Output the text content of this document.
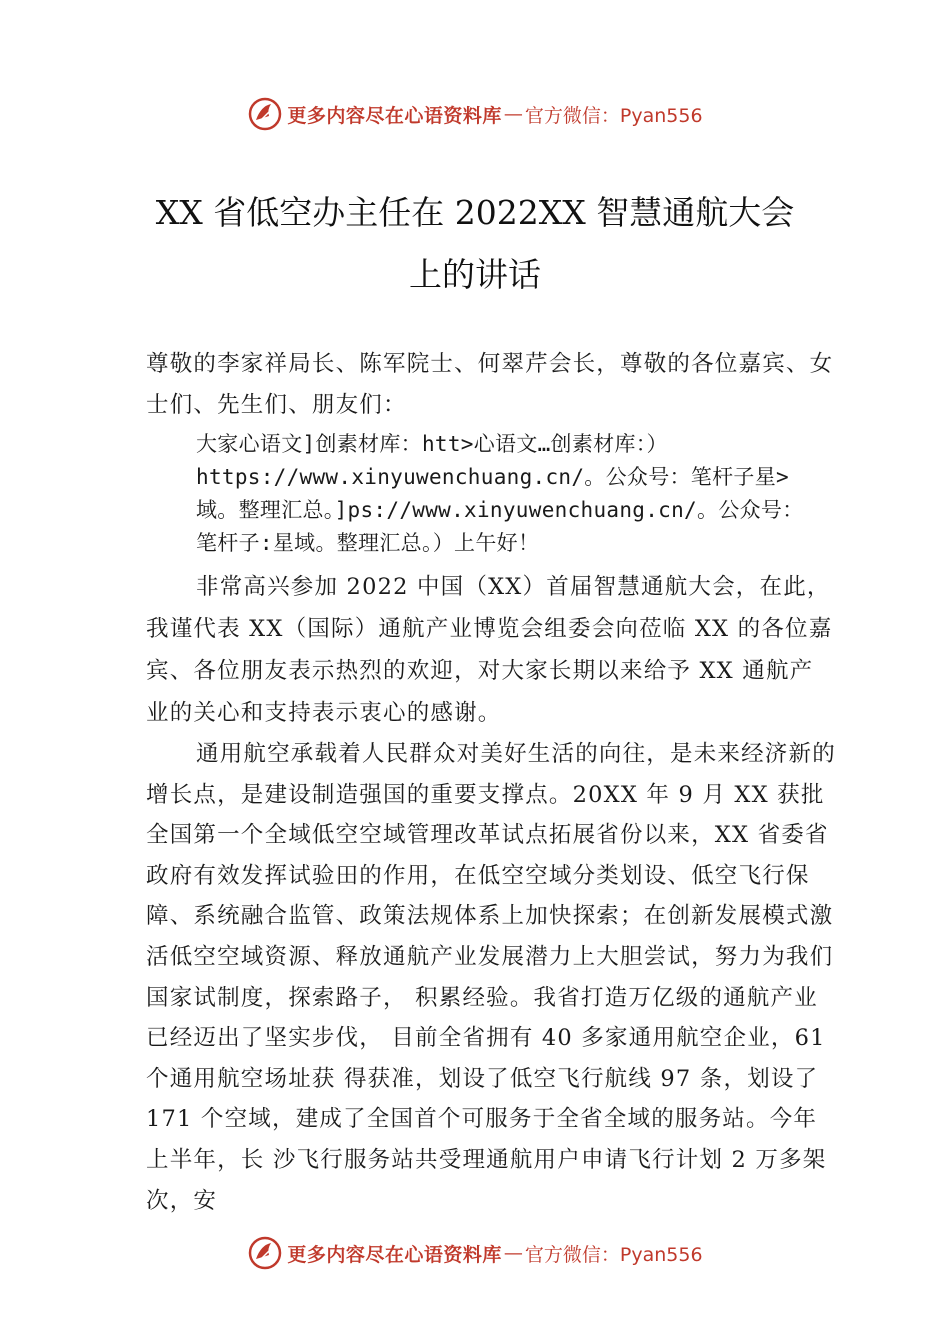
更多内容尽在心语资料库 — 官方微信：Pyan556
XX 省低空办主任在 2022XX 智慧通航大会
上的讲话

尊敬的李家祥局长、陈军院士、何翠芹会长，尊敬的各位嘉宾、女士们、先生们、朋友们：

大家心语文]创素材库：htt>心语文…创素材库：）
https://www.xinyuwenchuang.cn/。公众号：笔杆子星>
域。整理汇总。]ps://www.xinyuwenchuang.cn/。公众号：
笔杆子:星域。整理汇总。）上午好！

非常高兴参加 2022 中国（XX）首届智慧通航大会，在此，我谨代表 XX（国际）通航产业博览会组委会向莅临 XX 的各位嘉宾、各位朋友表示热烈的欢迎，对大家长期以来给予 XX 通航产业的关心和支持表示衷心的感谢。

通用航空承载着人民群众对美好生活的向往，是未来经济新的增长点，是建设制造强国的重要支撑点。20XX 年 9 月 XX 获批全国第一个全域低空空域管理改革试点拓展省份以来，XX 省委省政府有效发挥试验田的作用，在低空空域分类划设、低空飞行保障、系统融合监管、政策法规体系上加快探索；在创新发展模式激活低空空域资源、释放通航产业发展潜力上大胆尝试，努力为我们国家试制度，探索路子， 积累经验。我省打造万亿级的通航产业已经迈出了坚实步伐， 目前全省拥有 40 多家通用航空企业，61 个通用航空场址获 得获准，划设了低空飞行航线 97 条，划设了 171 个空域，建成了全国首个可服务于全省全域的服务站。今年上半年，长 沙飞行服务站共受理通航用户申请飞行计划 2 万多架次，安

更多内容尽在心语资料库 — 官方微信：Pyan556
